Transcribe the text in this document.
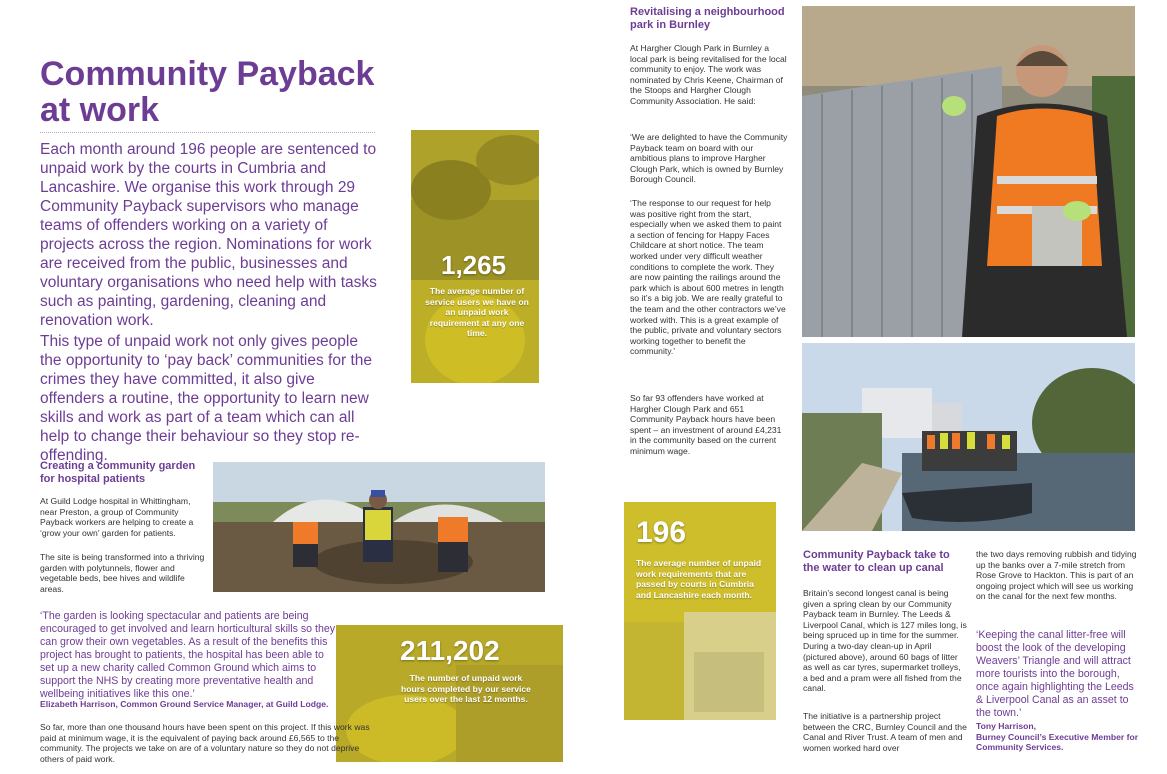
Community Payback
at work

Each month around 196 people are sentenced to unpaid work by the courts in Cumbria and Lancashire. We organise this work through 29 Community Payback supervisors who manage teams of offenders working on a variety of projects across the region. Nominations for work are received from the public, businesses and voluntary organisations who need help with tasks such as painting, gardening, cleaning and renovation work.

This type of unpaid work not only gives people the opportunity to ‘pay back’ communities for the crimes they have committed, it also give offenders a routine, the opportunity to learn new skills and work as part of a team which can all help to change their behaviour so they stop re-offending.

1,265
The average number of service users we have on an unpaid work requirement at any one time.
Creating a community garden for hospital patients

At Guild Lodge hospital in Whittingham, near Preston, a group of Community Payback workers are helping to create a ‘grow your own’ garden for patients.

The site is being transformed into a thriving garden with polytunnels, flower and vegetable beds, bee hives and wildlife areas.

‘The garden is looking spectacular and patients are being encouraged to get involved and learn horticultural skills so they can grow their own vegetables. As a result of the benefits this project has brought to patients, the hospital has been able to set up a new charity called Common Ground which aims to support the NHS by creating more preventative health and wellbeing initiatives like this one.’

Elizabeth Harrison, Common Ground Service Manager, at Guild Lodge.

211,202
The number of unpaid work hours completed by our service users over the last 12 months.

So far, more than one thousand hours have been spent on this project. If this work was paid at minimum wage, it is the equivalent of paying back around £6,565 to the community. The projects we take on are of a voluntary nature so they do not deprive others of paid work.

Revitalising a neighbourhood park in Burnley

At Hargher Clough Park in Burnley a local park is being revitalised for the local community to enjoy. The work was nominated by Chris Keene, Chairman of the Stoops and Hargher Clough Community Association. He said:

‘We are delighted to have the Community Payback team on board with our ambitious plans to improve Hargher Clough Park, which is owned by Burnley Borough Council.

‘The response to our request for help was positive right from the start, especially when we asked them to paint a section of fencing for Happy Faces Childcare at short notice. The team worked under very difficult weather conditions to complete the work. They are now painting the railings around the park which is about 600 metres in length so it’s a big job. We are really grateful to the team and the other contractors we’ve worked with. This is a great example of the public, private and voluntary sectors working together to benefit the community.’

So far 93 offenders have worked at Hargher Clough Park and 651 Community Payback hours have been spent – an investment of around £4,231 in the community based on the current minimum wage.

196
The average number of unpaid work requirements that are passed by courts in Cumbria and Lancashire each month.
Community Payback take to the water to clean up canal

Britain’s second longest canal is being given a spring clean by our Community Payback team in Burnley. The Leeds & Liverpool Canal, which is 127 miles long, is being spruced up in time for the summer. During a two-day clean-up in April (pictured above), around 60 bags of litter as well as car tyres, supermarket trolleys, a bed and a pram were all fished from the canal.

The initiative is a partnership project between the CRC, Burnley Council and the Canal and River Trust. A team of men and women worked hard over

the two days removing rubbish and tidying up the banks over a 7-mile stretch from Rose Grove to Hackton. This is part of an ongoing project which will see us working on the canal for the next few months.

‘Keeping the canal litter-free will boost the look of the developing Weavers’ Triangle and will attract more tourists into the borough, once again highlighting the Leeds & Liverpool Canal as an asset to the town.’

Tony Harrison,
Burney Council’s Executive Member for Community Services.
